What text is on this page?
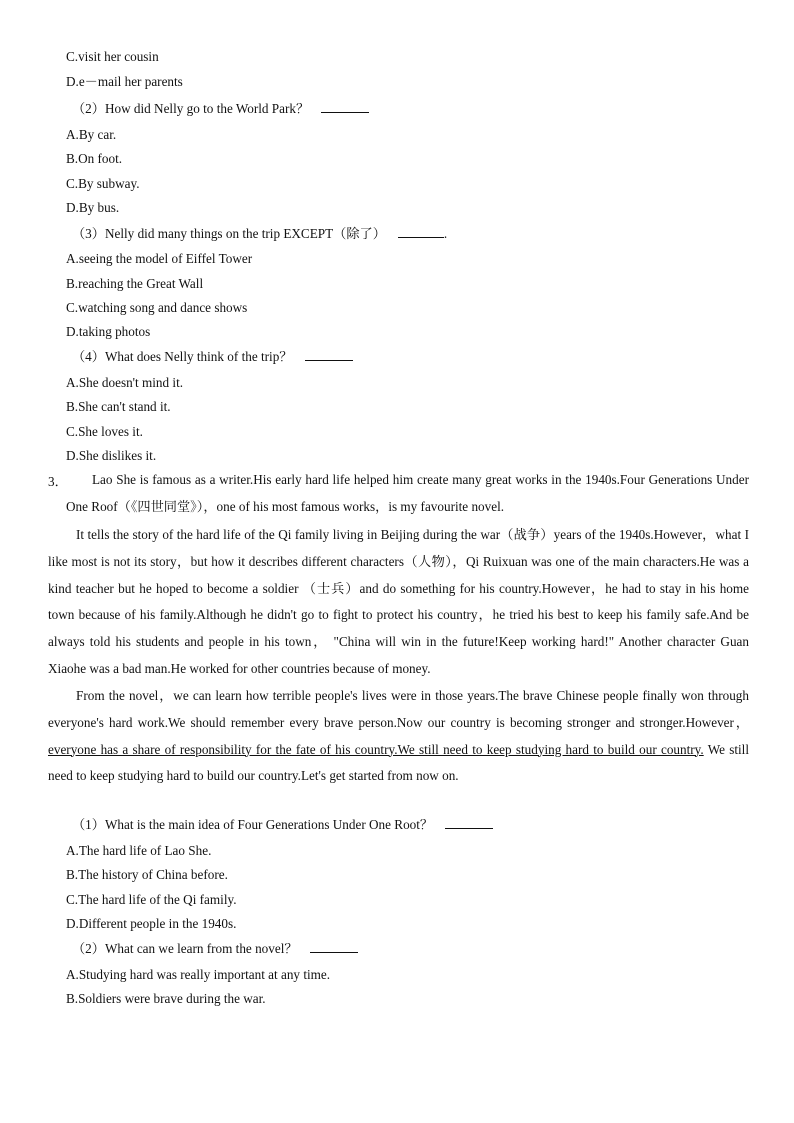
C.visit her cousin
D.e－mail her parents
（2）How did Nelly go to the World Park？
A.By car.
B.On foot.
C.By subway.
D.By bus.
（3）Nelly did many things on the trip EXCEPT（除了）	.
A.seeing the model of Eiffel Tower
B.reaching the Great Wall
C.watching song and dance shows
D.taking photos
（4）What does Nelly think of the trip？
A.She doesn't mind it.
B.She can't stand it.
C.She loves it.
D.She dislikes it.
3．	Lao She is famous as a writer.His early hard life helped him create many great works in the 1940s.Four Generations Under One Roof（《四世同堂》），one of his most famous works，is my favourite novel.
It tells the story of the hard life of the Qi family living in Beijing during the war（战争）years of the 1940s.However，what I like most is not its story，but how it describes different characters（人物），Qi Ruixuan was one of the main characters.He was a kind teacher but he hoped to become a soldier （士兵）and do something for his country.However，he had to stay in his home town because of his family.Although he didn't go to fight to protect his country，he tried his best to keep his family safe.And be always told his students and people in his town， "China will win in the future!Keep working hard!" Another character Guan Xiaohe was a bad man.He worked for other countries because of money.
From the novel，we can learn how terrible people's lives were in those years.The brave Chinese people finally won through everyone's hard work.We should remember every brave person.Now our country is becoming stronger and stronger.However， everyone has a share of responsibility for the fate of his country.We still need to keep studying hard to build our country. We still need to keep studying hard to build our country.Let's get started from now on.
（1）What is the main idea of Four Generations Under One Root？
A.The hard life of Lao She.
B.The history of China before.
C.The hard life of the Qi family.
D.Different people in the 1940s.
（2）What can we learn from the novel？
A.Studying hard was really important at any time.
B.Soldiers were brave during the war.
